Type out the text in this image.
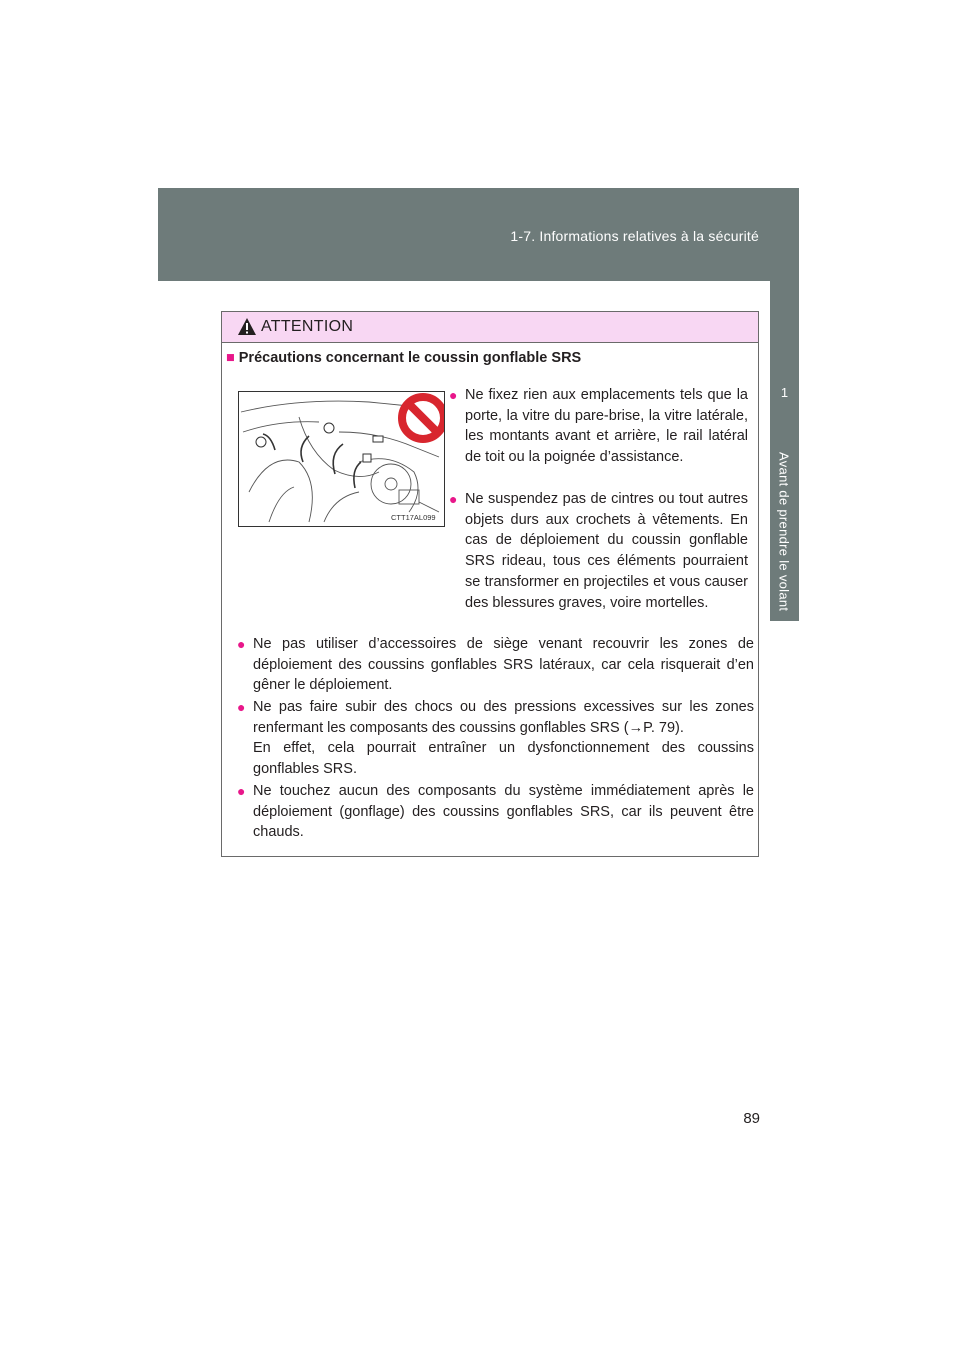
1-7. Informations relatives à la sécurité
1
Avant de prendre le volant
ATTENTION
■ Précautions concernant le coussin gonflable SRS
CTT17AL099
● Ne fixez rien aux emplacements tels que la porte, la vitre du pare-brise, la vitre latérale, les montants avant et arrière, le rail latéral de toit ou la poignée d’assistance.

● Ne suspendez pas de cintres ou tout autres objets durs aux crochets à vêtements. En cas de déploiement du coussin gonflable SRS rideau, tous ces éléments pourraient se transformer en projectiles et vous causer des blessures graves, voire mortelles.

● Ne pas utiliser d’accessoires de siège venant recouvrir les zones de déploiement des coussins gonflables SRS latéraux, car cela risquerait d’en gêner le déploiement.

● Ne pas faire subir des chocs ou des pressions excessives sur les zones renfermant les composants des coussins gonflables SRS (→P. 79).

En effet, cela pourrait entraîner un dysfonctionnement des coussins gonflables SRS.

● Ne touchez aucun des composants du système immédiatement après le déploiement (gonflage) des coussins gonflables SRS, car ils peuvent être chauds.

89
